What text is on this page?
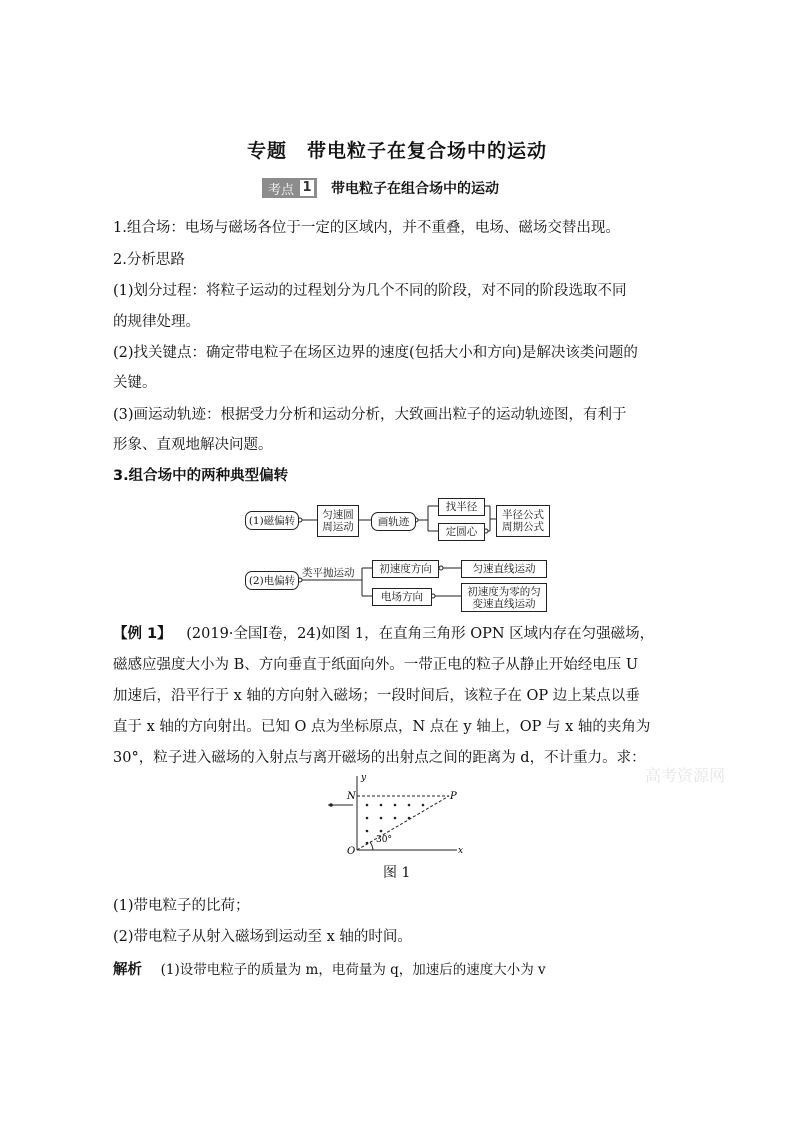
专题　带电粒子在复合场中的运动
考点 1 带电粒子在组合场中的运动
1.组合场：电场与磁场各位于一定的区域内，并不重叠，电场、磁场交替出现。
2.分析思路
(1)划分过程：将粒子运动的过程划分为几个不同的阶段，对不同的阶段选取不同
的规律处理。
(2)找关键点：确定带电粒子在场区边界的速度(包括大小和方向)是解决该类问题的
关键。
(3)画运动轨迹：根据受力分析和运动分析，大致画出粒子的运动轨迹图，有利于
形象、直观地解决问题。
3.组合场中的两种典型偏转
(1)磁偏转	匀速圆
周运动	画轨迹
找半径
定圆心
半径公式
周期公式
(2)电偏转
类平抛运动	初速度方向
电场方向
匀速直线运动
初速度为零的匀
变速直线运动
【例 1】 (2019·全国Ⅰ卷，24)如图 1，在直角三角形 OPN 区域内存在匀强磁场，
磁感应强度大小为 B、方向垂直于纸面向外。一带正电的粒子从静止开始经电压 U
加速后，沿平行于 x 轴的方向射入磁场；一段时间后，该粒子在 OP 边上某点以垂
直于 x 轴的方向射出。已知 O 点为坐标原点，N 点在 y 轴上，OP 与 x 轴的夹角为
30°，粒子进入磁场的入射点与离开磁场的出射点之间的距离为 d，不计重力。求：
高考资源网
y
x
N	P
O
30°
图 1
(1)带电粒子的比荷；
(2)带电粒子从射入磁场到运动至 x 轴的时间。
解析 (1)设带电粒子的质量为 m，电荷量为 q，加速后的速度大小为 v
